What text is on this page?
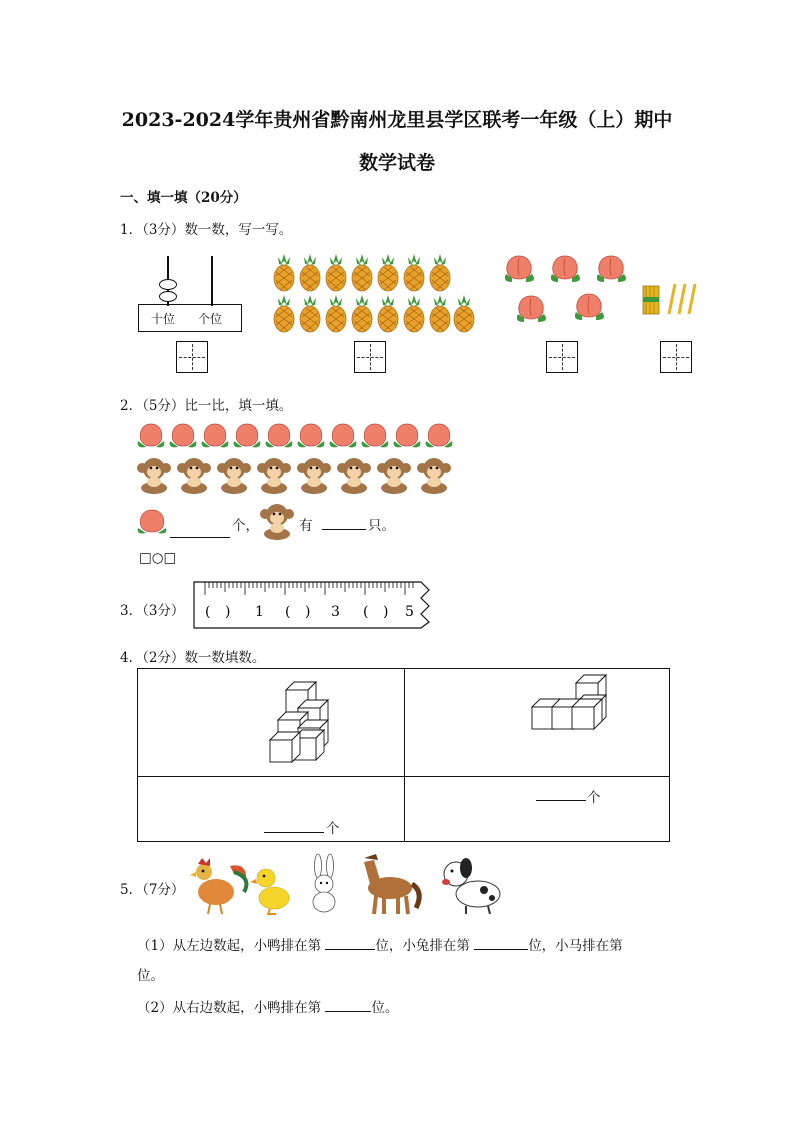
2023-2024学年贵州省黔南州龙里县学区联考一年级（上）期中
数学试卷
一、填一填（20分）
1．（3分）数一数，写一写。
十位 个位
2．（5分）比一比，填一填。
个，	有	只。
□○□
3．（3分） ( ) 1 ( ) 3 ( ) 5
4．（2分）数一数填数。
个
个
5．（7分）
（1）从左边数起，小鸭排在第	位，小兔排在第	位，小马排在第
位。
（2）从右边数起，小鸭排在第	位。
